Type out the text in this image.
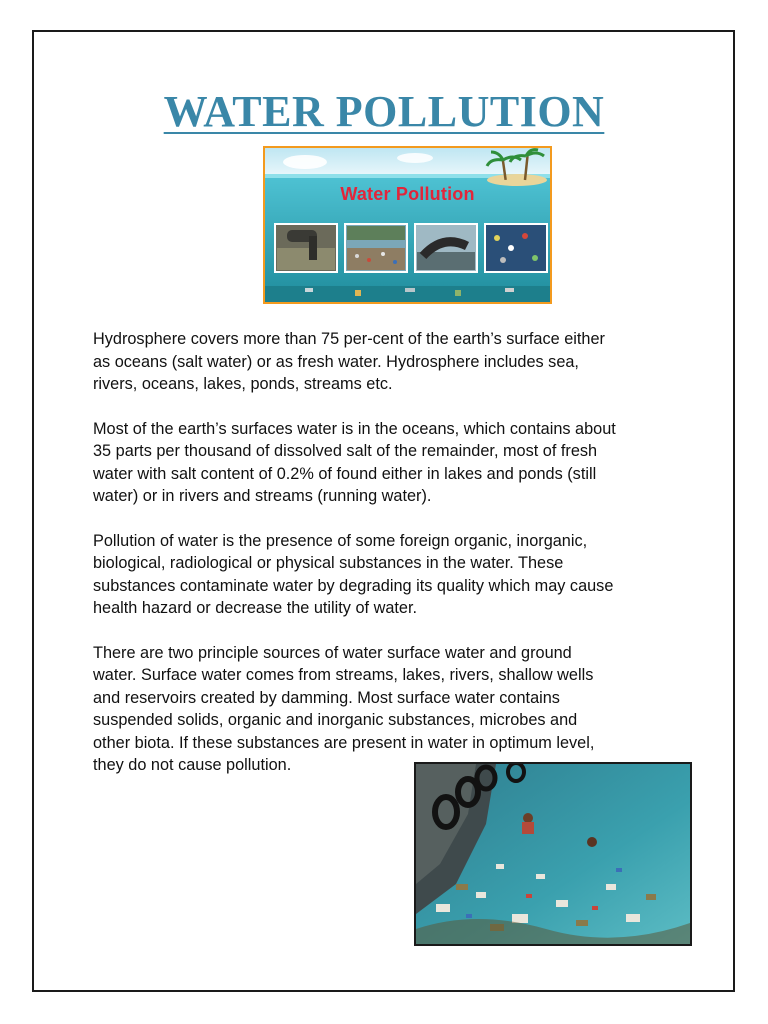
WATER POLLUTION
Water Pollution

Hydrosphere covers more than 75 per-cent of the earth’s surface either
as oceans (salt water) or as fresh water. Hydrosphere includes sea,
rivers, oceans, lakes, ponds, streams etc.

Most of the earth’s surfaces water is in the oceans, which contains about
35 parts per thousand of dissolved salt of the remainder, most of fresh
water with salt content of 0.2% of found either in lakes and ponds (still
water) or in rivers and streams (running water).

Pollution of water is the presence of some foreign organic, inorganic,
biological, radiological or physical substances in the water. These
substances contaminate water by degrading its quality which may cause
health hazard or decrease the utility of water.

There are two principle sources of water surface water and ground
water. Surface water comes from streams, lakes, rivers, shallow wells
and reservoirs created by damming. Most surface water contains
suspended solids, organic and inorganic substances, microbes and
other biota. If these substances are present in water in optimum level,
they do not cause pollution.
